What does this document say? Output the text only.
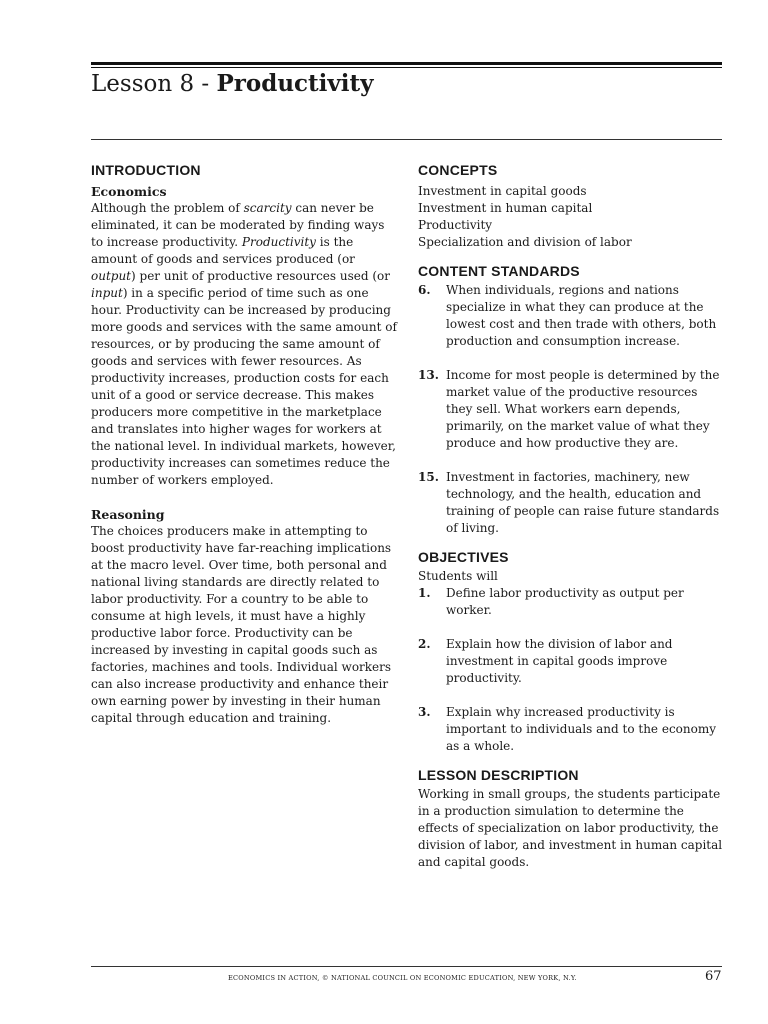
Lesson 8 - Productivity
INTRODUCTION
Economics

Although the problem of scarcity can never be eliminated, it can be moderated by finding ways to increase productivity. Productivity is the amount of goods and services produced (or output) per unit of productive resources used (or input) in a specific period of time such as one hour. Productivity can be increased by producing more goods and services with the same amount of resources, or by producing the same amount of goods and services with fewer resources. As productivity increases, production costs for each unit of a good or service decrease. This makes producers more competitive in the marketplace and translates into higher wages for workers at the national level. In individual markets, however, productivity increases can sometimes reduce the number of workers employed.

Reasoning

The choices producers make in attempting to boost productivity have far-reaching implications at the macro level. Over time, both personal and national living standards are directly related to labor productivity. For a country to be able to consume at high levels, it must have a highly productive labor force. Productivity can be increased by investing in capital goods such as factories, machines and tools. Individual workers can also increase productivity and enhance their own earning power by investing in their human capital through education and training.

CONCEPTS

Investment in capital goods

Investment in human capital

Productivity

Specialization and division of labor

CONTENT STANDARDS
6.	When individuals, regions and nations specialize in what they can produce at the lowest cost and then trade with others, both production and consumption increase.
13. Income for most people is determined by the market value of the productive resources they sell. What workers earn depends, primarily, on the market value of what they produce and how productive they are.
15. Investment in factories, machinery, new technology, and the health, education and training of people can raise future standards of living.
OBJECTIVES

Students will

1.	Define labor productivity as output per worker.
2.	Explain how the division of labor and investment in capital goods improve productivity.
3.	Explain why increased productivity is important to individuals and to the economy as a whole.
LESSON DESCRIPTION

Working in small groups, the students participate in a production simulation to determine the effects of specialization on labor productivity, the division of labor, and investment in human capital and capital goods.

ECONOMICS IN ACTION, © NATIONAL COUNCIL ON ECONOMIC EDUCATION, NEW YORK, N.Y.	67
